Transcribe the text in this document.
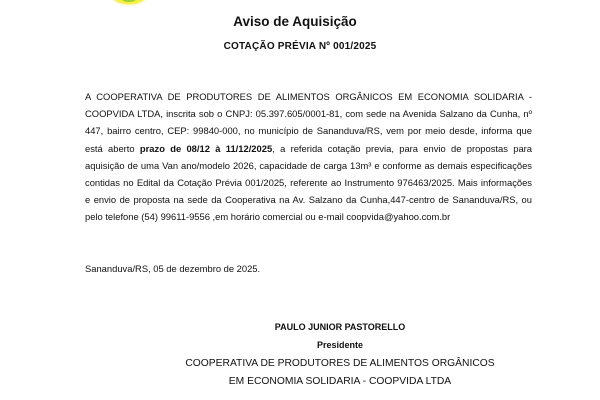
Aviso de Aquisição
COTAÇÃO PRÉVIA Nº 001/2025
A COOPERATIVA DE PRODUTORES DE ALIMENTOS ORGÂNICOS EM ECONOMIA SOLIDARIA - COOPVIDA LTDA, inscrita sob o CNPJ: 05.397.605/0001-81, com sede na Avenida Salzano da Cunha, nº 447, bairro centro, CEP: 99840-000, no município de Sananduva/RS, vem por meio desde, informa que está aberto prazo de 08/12 à 11/12/2025, a referida cotação previa, para envio de propostas para aquisição de uma Van ano/modelo 2026, capacidade de carga 13m³ e conforme as demais especificações contidas no Edital da Cotação Prévia 001/2025, referente ao Instrumento 976463/2025. Mais informações e envio de proposta na sede da Cooperativa na Av. Salzano da Cunha,447-centro de Sananduva/RS, ou pelo telefone (54) 99611-9556 ,em horário comercial ou e-mail coopvida@yahoo.com.br
Sananduva/RS, 05 de dezembro de 2025.
PAULO JUNIOR PASTORELLO
Presidente
COOPERATIVA DE PRODUTORES DE ALIMENTOS ORGÂNICOS
EM ECONOMIA SOLIDARIA - COOPVIDA LTDA
